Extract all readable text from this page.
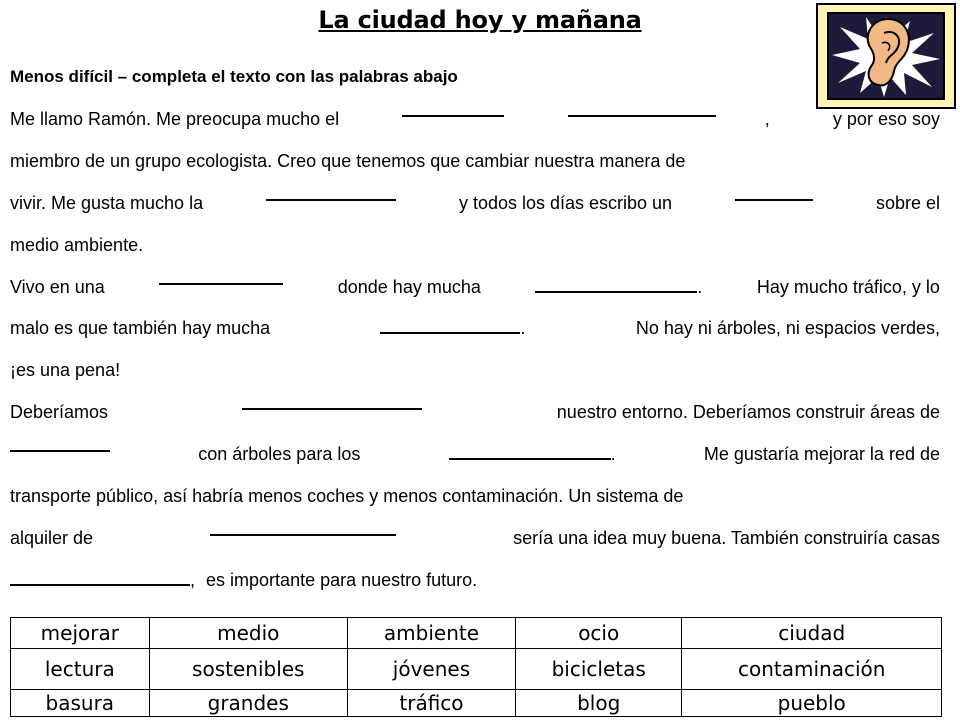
La ciudad hoy y mañana
Menos difícil – completa el texto con las palabras abajo
Me llamo Ramón. Me preocupa mucho el	,	y por eso soy
miembro de un grupo ecologista. Creo que tenemos que cambiar nuestra manera de
vivir. Me gusta mucho la	y todos los días escribo un	sobre el
medio ambiente.
Vivo en una	donde hay mucha	.	Hay mucho tráfico, y lo
malo es que también hay mucha	.	No hay ni árboles, ni espacios verdes,
¡es una pena!
Deberíamos	nuestro entorno. Deberíamos construir áreas de
con árboles para los	.	Me gustaría mejorar la red de
transporte público, así habría menos coches y menos contaminación. Un sistema de
alquiler de	sería una idea muy buena. También construiría casas
, es importante para nuestro futuro.
mejorar	medio	ambiente	ocio	ciudad
lectura	sostenibles	jóvenes	bicicletas	contaminación
basura	grandes	tráfico	blog	pueblo
